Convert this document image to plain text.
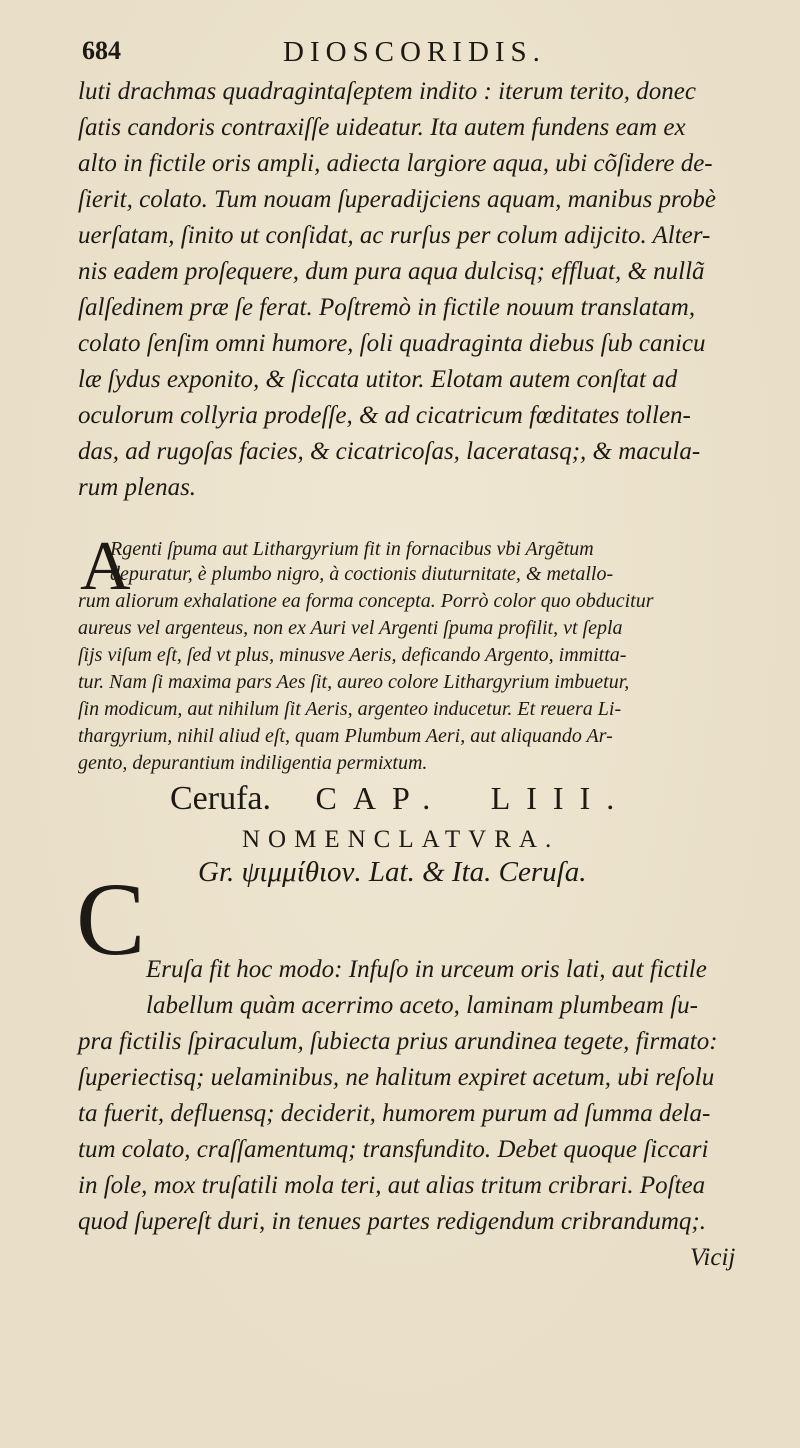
684	DIOSCORIDIS.
luti drachmas quadragintaſeptem indito : iterum terito, donec
ſatis candoris contraxiſſe uideatur. Ita autem fundens eam ex
alto in fictile oris ampli, adiecta largiore aqua, ubi cõſidere de-
ſierit, colato. Tum nouam ſuperadijciens aquam, manibus probè
uerſatam, ſinito ut conſidat, ac rurſus per colum adijcito. Alter-
nis eadem proſequere, dum pura aqua dulcisq; effluat, & nullã
ſalſedinem præ ſe ferat. Poſtremò in fictile nouum translatam,
colato ſenſim omni humore, ſoli quadraginta diebus ſub canicu
læ ſydus exponito, & ſiccata utitor. Elotam autem conſtat ad
oculorum collyria prodeſſe, & ad cicatricum fœditates tollen-
das, ad rugoſas facies, & cicatricoſas, laceratasq;, & macula-
rum plenas.
A
Rgenti ſpuma aut Lithargyrium fit in fornacibus vbi Argẽtum
depuratur, è plumbo nigro, à coctionis diuturnitate, & metallo-
rum aliorum exhalatione ea forma concepta. Porrò color quo obducitur
aureus vel argenteus, non ex Auri vel Argenti ſpuma profilit, vt ſepla
ſijs viſum eſt, ſed vt plus, minusve Aeris, deficando Argento, immitta-
tur. Nam ſi maxima pars Aes ſit, aureo colore Lithargyrium imbuetur,
ſin modicum, aut nihilum ſit Aeris, argenteo inducetur. Et reuera Li-
thargyrium, nihil aliud eſt, quam Plumbum Aeri, aut aliquando Ar-
gento, depurantium indiligentia permixtum.
Cerufa. CAP. LIII.
NOMENCLATVRA.
Gr. ψιμμίθιον. Lat. & Ita. Ceruſa.
C Eruſa fit hoc modo: Infuſo in urceum oris lati, aut fictile
labellum quàm acerrimo aceto, laminam plumbeam ſu-
pra fictilis ſpiraculum, ſubiecta prius arundinea tegete, firmato:
ſuperiectisq; uelaminibus, ne halitum expiret acetum, ubi reſolu
ta fuerit, defluensq; deciderit, humorem purum ad ſumma dela-
tum colato, craſſamentumq; transfundito. Debet quoque ſiccari
in ſole, mox truſatili mola teri, aut alias tritum cribrari. Poſtea
quod ſupereſt duri, in tenues partes redigendum cribrandumq;.
Vicij
